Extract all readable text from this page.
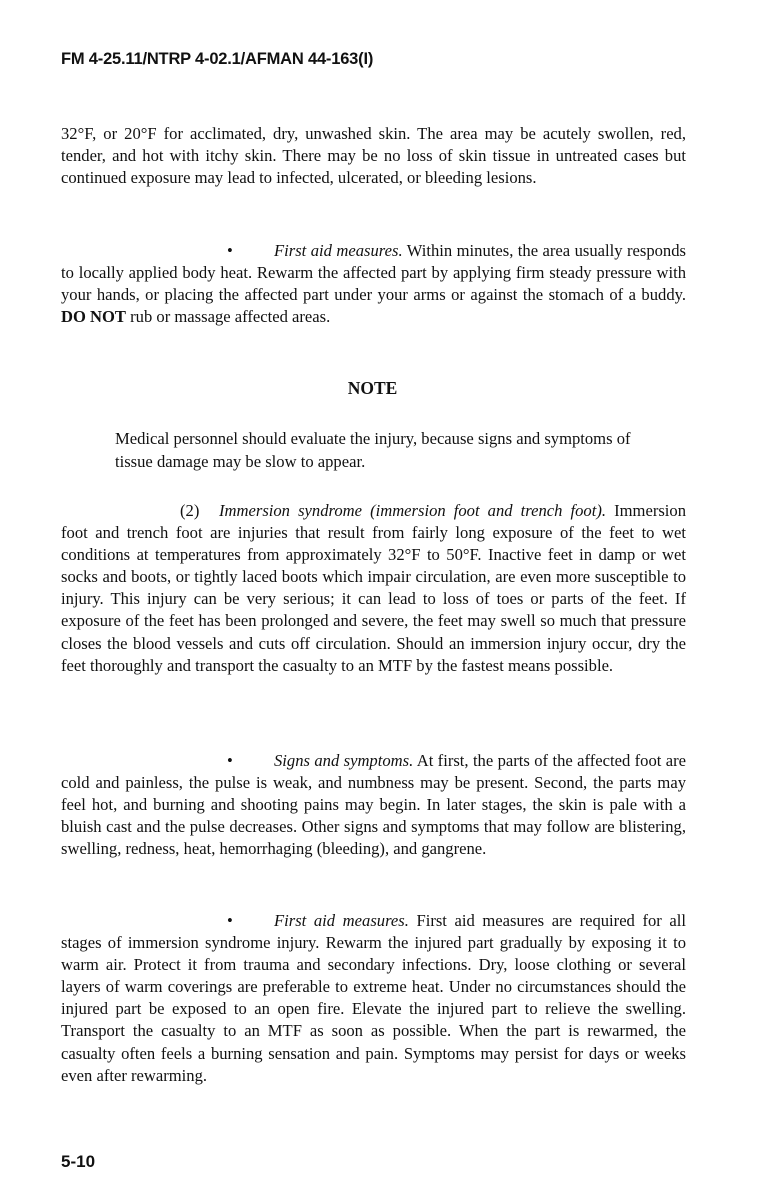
FM 4-25.11/NTRP 4-02.1/AFMAN 44-163(I)

32°F, or 20°F for acclimated, dry, unwashed skin. The area may be acutely swollen, red, tender, and hot with itchy skin. There may be no loss of skin tissue in untreated cases but continued exposure may lead to infected, ulcerated, or bleeding lesions.

• First aid measures. Within minutes, the area usually responds to locally applied body heat. Rewarm the affected part by applying firm steady pressure with your hands, or placing the affected part under your arms or against the stomach of a buddy. DO NOT rub or massage affected areas.

NOTE

Medical personnel should evaluate the injury, because signs and symptoms of tissue damage may be slow to appear.

(2) Immersion syndrome (immersion foot and trench foot). Immersion foot and trench foot are injuries that result from fairly long exposure of the feet to wet conditions at temperatures from approximately 32°F to 50°F. Inactive feet in damp or wet socks and boots, or tightly laced boots which impair circulation, are even more susceptible to injury. This injury can be very serious; it can lead to loss of toes or parts of the feet. If exposure of the feet has been prolonged and severe, the feet may swell so much that pressure closes the blood vessels and cuts off circulation. Should an immersion injury occur, dry the feet thoroughly and transport the casualty to an MTF by the fastest means possible.

• Signs and symptoms. At first, the parts of the affected foot are cold and painless, the pulse is weak, and numbness may be present. Second, the parts may feel hot, and burning and shooting pains may begin. In later stages, the skin is pale with a bluish cast and the pulse decreases. Other signs and symptoms that may follow are blistering, swelling, redness, heat, hemorrhaging (bleeding), and gangrene.

• First aid measures. First aid measures are required for all stages of immersion syndrome injury. Rewarm the injured part gradually by exposing it to warm air. Protect it from trauma and secondary infections. Dry, loose clothing or several layers of warm coverings are preferable to extreme heat. Under no circumstances should the injured part be exposed to an open fire. Elevate the injured part to relieve the swelling. Transport the casualty to an MTF as soon as possible. When the part is rewarmed, the casualty often feels a burning sensation and pain. Symptoms may persist for days or weeks even after rewarming.

5-10
